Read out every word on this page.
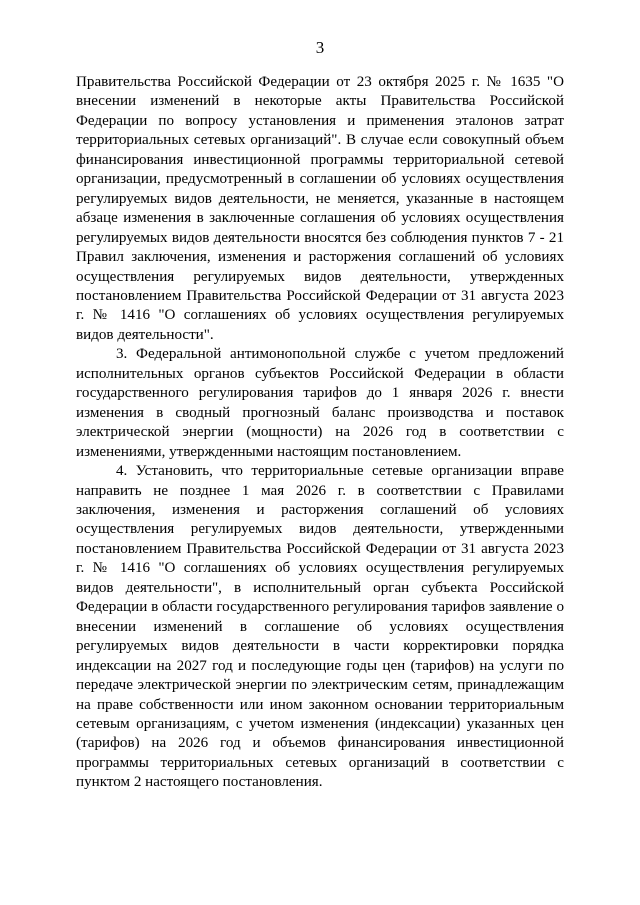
3

Правительства Российской Федерации от 23 октября 2025 г. № 1635 "О внесении изменений в некоторые акты Правительства Российской Федерации по вопросу установления и применения эталонов затрат территориальных сетевых организаций". В случае если совокупный объем финансирования инвестиционной программы территориальной сетевой организации, предусмотренный в соглашении об условиях осуществления регулируемых видов деятельности, не меняется, указанные в настоящем абзаце изменения в заключенные соглашения об условиях осуществления регулируемых видов деятельности вносятся без соблюдения пунктов 7 - 21 Правил заключения, изменения и расторжения соглашений об условиях осуществления регулируемых видов деятельности, утвержденных постановлением Правительства Российской Федерации от 31 августа 2023 г. № 1416 "О соглашениях об условиях осуществления регулируемых видов деятельности".

3. Федеральной антимонопольной службе с учетом предложений исполнительных органов субъектов Российской Федерации в области государственного регулирования тарифов до 1 января 2026 г. внести изменения в сводный прогнозный баланс производства и поставок электрической энергии (мощности) на 2026 год в соответствии с изменениями, утвержденными настоящим постановлением.

4. Установить, что территориальные сетевые организации вправе направить не позднее 1 мая 2026 г. в соответствии с Правилами заключения, изменения и расторжения соглашений об условиях осуществления регулируемых видов деятельности, утвержденными постановлением Правительства Российской Федерации от 31 августа 2023 г. № 1416 "О соглашениях об условиях осуществления регулируемых видов деятельности", в исполнительный орган субъекта Российской Федерации в области государственного регулирования тарифов заявление о внесении изменений в соглашение об условиях осуществления регулируемых видов деятельности в части корректировки порядка индексации на 2027 год и последующие годы цен (тарифов) на услуги по передаче электрической энергии по электрическим сетям, принадлежащим на праве собственности или ином законном основании территориальным сетевым организациям, с учетом изменения (индексации) указанных цен (тарифов) на 2026 год и объемов финансирования инвестиционной программы территориальных сетевых организаций в соответствии с пунктом 2 настоящего постановления.
